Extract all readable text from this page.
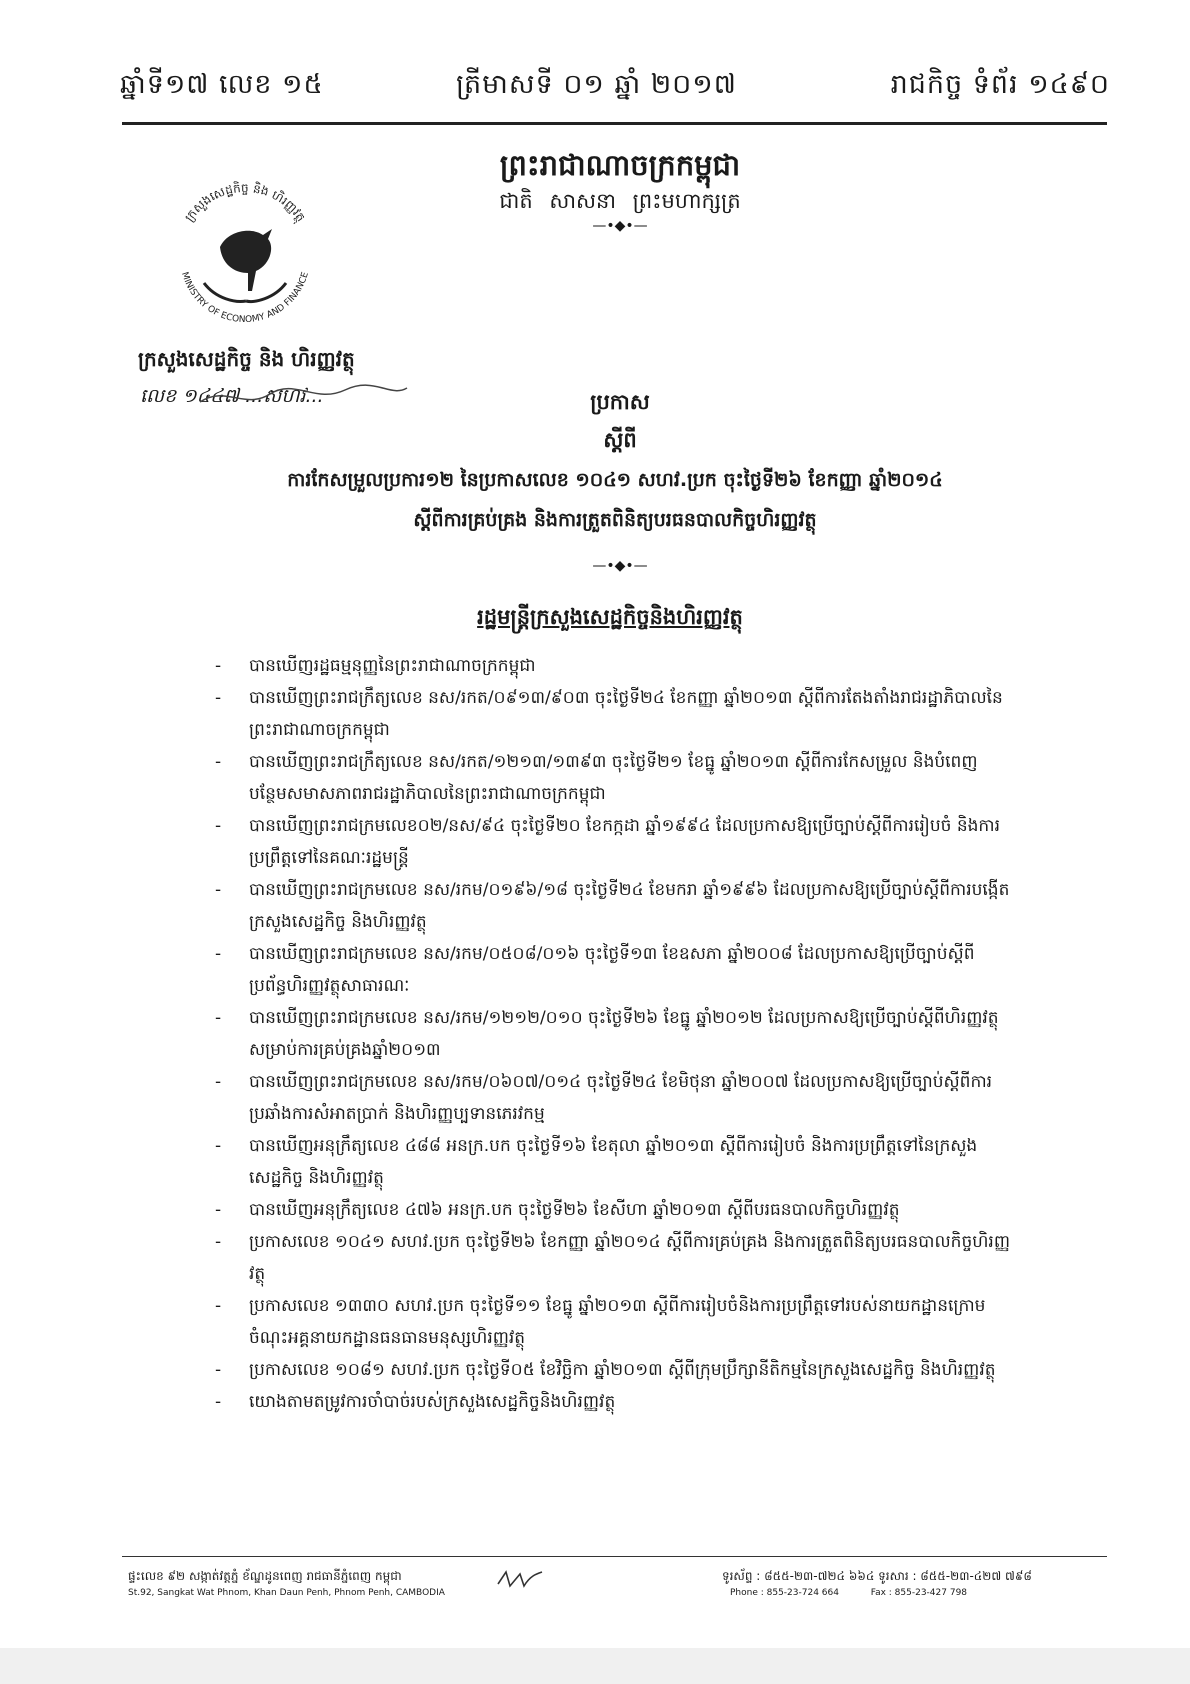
ឆ្នាំទី១៧ លេខ ១៥	ត្រីមាសទី ០១ ឆ្នាំ ២០១៧	រាជកិច្ច ទំព័រ ១៤៩០
ព្រះរាជាណាចក្រកម្ពុជា
ជាតិ សាសនា ព្រះមហាក្សត្រ
—•◆•—
ក្រសួងសេដ្ឋកិច្ច និង ហិរញ្ញវត្ថុ
MINISTRY OF ECONOMY AND FINANCE
ក្រសួងសេដ្ឋកិច្ច និង ហិរញ្ញវត្ថុ
លេខ ១៤៤៧ ...សហវ...	ប្រកាស
ស្តីពី
ការកែសម្រួលប្រការ១២ នៃប្រកាសលេខ ១០៤១ សហវ.ប្រក ចុះថ្ងៃទី២៦ ខែកញ្ញា ឆ្នាំ២០១៤
ស្តីពីការគ្រប់គ្រង និងការត្រួតពិនិត្យបរធនបាលកិច្ចហិរញ្ញវត្ថុ
—•◆•—
រដ្ឋមន្ត្រីក្រសួងសេដ្ឋកិច្ចនិងហិរញ្ញវត្ថុ
- បានឃើញរដ្ឋធម្មនុញ្ញនៃព្រះរាជាណាចក្រកម្ពុជា
- បានឃើញព្រះរាជក្រឹត្យលេខ នស/រកត/០៩១៣/៩០៣ ចុះថ្ងៃទី២៤ ខែកញ្ញា ឆ្នាំ២០១៣ ស្តីពីការតែងតាំងរាជរដ្ឋាភិបាលនៃព្រះរាជាណាចក្រកម្ពុជា
- បានឃើញព្រះរាជក្រឹត្យលេខ នស/រកត/១២១៣/១៣៩៣ ចុះថ្ងៃទី២១ ខែធ្នូ ឆ្នាំ២០១៣ ស្តីពីការកែសម្រួល និងបំពេញបន្ថែមសមាសភាពរាជរដ្ឋាភិបាលនៃព្រះរាជាណាចក្រកម្ពុជា
- បានឃើញព្រះរាជក្រមលេខ០២/នស/៩៤ ចុះថ្ងៃទី២០ ខែកក្កដា ឆ្នាំ១៩៩៤ ដែលប្រកាសឱ្យប្រើច្បាប់ស្តីពីការរៀបចំ និងការប្រព្រឹត្តទៅនៃគណៈរដ្ឋមន្ត្រី
- បានឃើញព្រះរាជក្រមលេខ នស/រកម/០១៩៦/១៨ ចុះថ្ងៃទី២៤ ខែមករា ឆ្នាំ១៩៩៦ ដែលប្រកាសឱ្យប្រើច្បាប់ស្តីពីការបង្កើតក្រសួងសេដ្ឋកិច្ច និងហិរញ្ញវត្ថុ
- បានឃើញព្រះរាជក្រមលេខ នស/រកម/០៥០៨/០១៦ ចុះថ្ងៃទី១៣ ខែឧសភា ឆ្នាំ២០០៨ ដែលប្រកាសឱ្យប្រើច្បាប់ស្តីពីប្រព័ន្ធហិរញ្ញវត្ថុសាធារណៈ
- បានឃើញព្រះរាជក្រមលេខ នស/រកម/១២១២/០១០ ចុះថ្ងៃទី២៦ ខែធ្នូ ឆ្នាំ២០១២ ដែលប្រកាសឱ្យប្រើច្បាប់ស្តីពីហិរញ្ញវត្ថុសម្រាប់ការគ្រប់គ្រងឆ្នាំ២០១៣
- បានឃើញព្រះរាជក្រមលេខ នស/រកម/០៦០៧/០១៤ ចុះថ្ងៃទី២៤ ខែមិថុនា ឆ្នាំ២០០៧ ដែលប្រកាសឱ្យប្រើច្បាប់ស្តីពីការប្រឆាំងការសំអាតប្រាក់ និងហិរញ្ញប្បទានភេរវកម្ម
- បានឃើញអនុក្រឹត្យលេខ ៤៨៨ អនក្រ.បក ចុះថ្ងៃទី១៦ ខែតុលា ឆ្នាំ២០១៣ ស្តីពីការរៀបចំ និងការប្រព្រឹត្តទៅនៃក្រសួងសេដ្ឋកិច្ច និងហិរញ្ញវត្ថុ
- បានឃើញអនុក្រឹត្យលេខ ៤៧៦ អនក្រ.បក ចុះថ្ងៃទី២៦ ខែសីហា ឆ្នាំ២០១៣ ស្តីពីបរធនបាលកិច្ចហិរញ្ញវត្ថុ
- ប្រកាសលេខ ១០៤១ សហវ.ប្រក ចុះថ្ងៃទី២៦ ខែកញ្ញា ឆ្នាំ២០១៤ ស្តីពីការគ្រប់គ្រង និងការត្រួតពិនិត្យបរធនបាលកិច្ចហិរញ្ញវត្ថុ
- ប្រកាសលេខ ១៣៣០ សហវ.ប្រក ចុះថ្ងៃទី១១ ខែធ្នូ ឆ្នាំ២០១៣ ស្តីពីការរៀបចំនិងការប្រព្រឹត្តទៅរបស់នាយកដ្ឋានក្រោមចំណុះអគ្គនាយកដ្ឋានធនធានមនុស្សហិរញ្ញវត្ថុ
- ប្រកាសលេខ ១០៨១ សហវ.ប្រក ចុះថ្ងៃទី០៥ ខែវិច្ឆិកា ឆ្នាំ២០១៣ ស្តីពីក្រុមប្រឹក្សានីតិកម្មនៃក្រសួងសេដ្ឋកិច្ច និងហិរញ្ញវត្ថុ
- យោងតាមតម្រូវការចាំបាច់របស់ក្រសួងសេដ្ឋកិច្ចនិងហិរញ្ញវត្ថុ
ផ្ទះលេខ ៩២ សង្កាត់វត្តភ្នំ ខ័ណ្ឌដូនពេញ រាជធានីភ្នំពេញ កម្ពុជា
St.92, Sangkat Wat Phnom, Khan Daun Penh, Phnom Penh, CAMBODIA
ទូរស័ព្ទ : ៨៥៥-២៣-៧២៤ ៦៦៤ ទូរសារ : ៨៥៥-២៣-៤២៧ ៧៩៨
Phone : 855-23-724 664	Fax : 855-23-427 798
